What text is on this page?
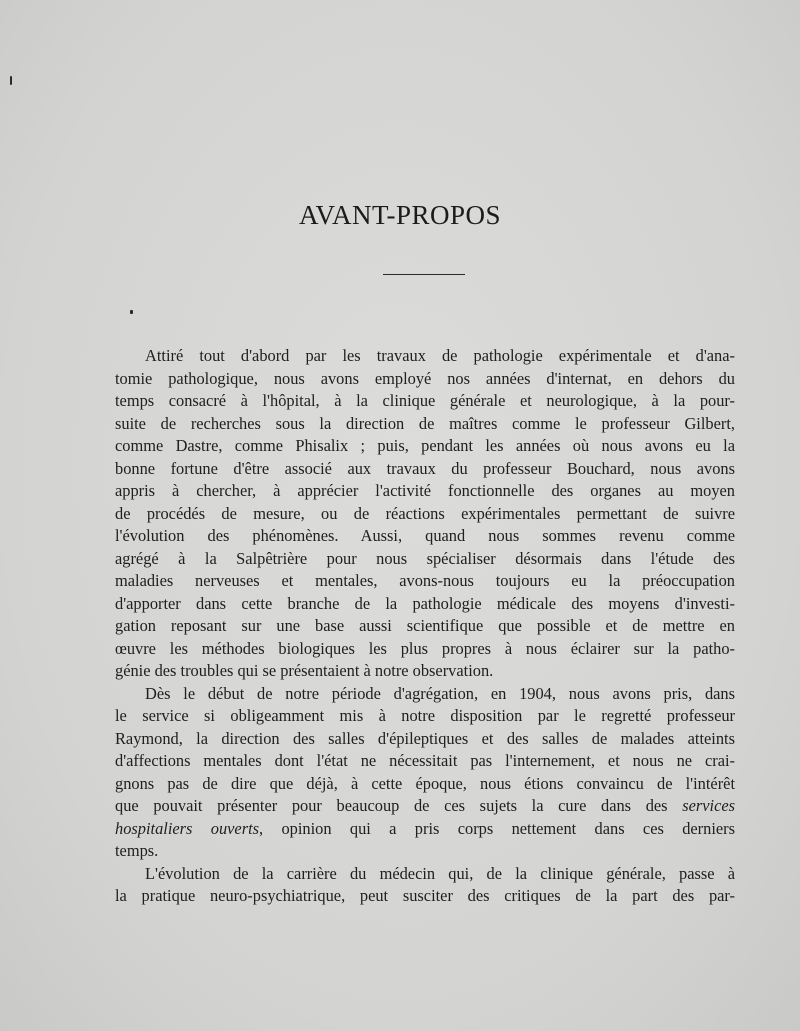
AVANT-PROPOS
Attiré tout d'abord par les travaux de pathologie expérimentale et d'ana-
tomie pathologique, nous avons employé nos années d'internat, en dehors du
temps consacré à l'hôpital, à la clinique générale et neurologique, à la pour-
suite de recherches sous la direction de maîtres comme le professeur Gilbert,
comme Dastre, comme Phisalix ; puis, pendant les années où nous avons eu la
bonne fortune d'être associé aux travaux du professeur Bouchard, nous avons
appris à chercher, à apprécier l'activité fonctionnelle des organes au moyen
de procédés de mesure, ou de réactions expérimentales permettant de suivre
l'évolution des phénomènes. Aussi, quand nous sommes revenu comme
agrégé à la Salpêtrière pour nous spécialiser désormais dans l'étude des
maladies nerveuses et mentales, avons-nous toujours eu la préoccupation
d'apporter dans cette branche de la pathologie médicale des moyens d'investi-
gation reposant sur une base aussi scientifique que possible et de mettre en
œuvre les méthodes biologiques les plus propres à nous éclairer sur la patho-
génie des troubles qui se présentaient à notre observation.
Dès le début de notre période d'agrégation, en 1904, nous avons pris, dans
le service si obligeamment mis à notre disposition par le regretté professeur
Raymond, la direction des salles d'épileptiques et des salles de malades atteints
d'affections mentales dont l'état ne nécessitait pas l'internement, et nous ne crai-
gnons pas de dire que déjà, à cette époque, nous étions convaincu de l'intérêt
que pouvait présenter pour beaucoup de ces sujets la cure dans des services
hospitaliers ouverts, opinion qui a pris corps nettement dans ces derniers
temps.
L'évolution de la carrière du médecin qui, de la clinique générale, passe à
la pratique neuro-psychiatrique, peut susciter des critiques de la part des par-
